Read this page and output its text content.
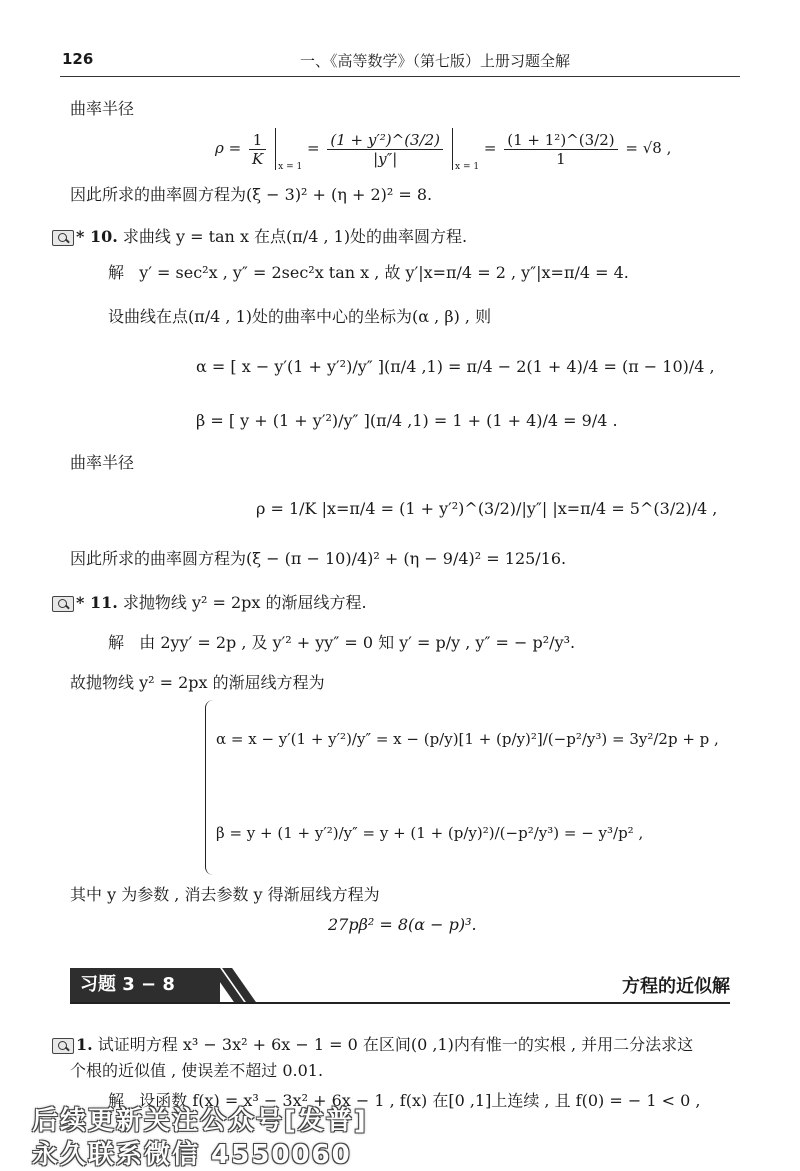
126	一、《高等数学》（第七版）上册习题全解
曲率半径
$\rho = \frac{1}{K} _{x = 1} = \frac{\text{(1 + y′²)\textasciicircum{}(3/2)}}{|y''|} _{x = 1} = \frac{\text{(1 + 1²)\textasciicircum{}(3/2)}}{1} = √8$ ,
因此所求的曲率圆方程为(ξ − 3)² + (η + 2)² = 8.
* 10. 求曲线 y = tan x 在点(π/4 , 1)处的曲率圆方程.
解 y′ = sec²x , y″ = 2sec²x tan x , 故 y′|x=π/4 = 2 , y″|x=π/4 = 4.
设曲线在点(π/4 , 1)处的曲率中心的坐标为(α , β) , 则
α = [ x − y′(1 + y′²)/y″ ](π/4 ,1) = π/4 − 2(1 + 4)/4 = (π − 10)/4 ,
β = [ y + (1 + y′²)/y″ ](π/4 ,1) = 1 + (1 + 4)/4 = 9/4 .
曲率半径
ρ = 1/K |x=π/4 = (1 + y′²)^(3/2)/|y″| |x=π/4 = 5^(3/2)/4 ,
因此所求的曲率圆方程为(ξ − (π − 10)/4)² + (η − 9/4)² = 125/16.
* 11. 求抛物线 y² = 2px 的渐屈线方程.
解 由 2yy′ = 2p , 及 y′² + yy″ = 0 知 y′ = p/y , y″ = − p²/y³.
故抛物线 y² = 2px 的渐屈线方程为
α = x − y′(1 + y′²)/y″ = x − (p/y)[1 + (p/y)²]/(−p²/y³) = 3y²/2p + p ,
β = y + (1 + y′²)/y″ = y + (1 + (p/y)²)/(−p²/y³) = − y³/p² ,
其中 y 为参数 , 消去参数 y 得渐屈线方程为
27pβ² = 8(α − p)³.
习题 3 − 8	方程的近似解
1. 试证明方程 x³ − 3x² + 6x − 1 = 0 在区间(0 ,1)内有惟一的实根 , 并用二分法求这
个根的近似值 , 使误差不超过 0.01.
解 设函数 f(x) = x³ − 3x² + 6x − 1 , f(x) 在[0 ,1]上连续 , 且 f(0) = − 1 < 0 ,
后续更新关注公众号[发普]
永久联系微信 4550060
